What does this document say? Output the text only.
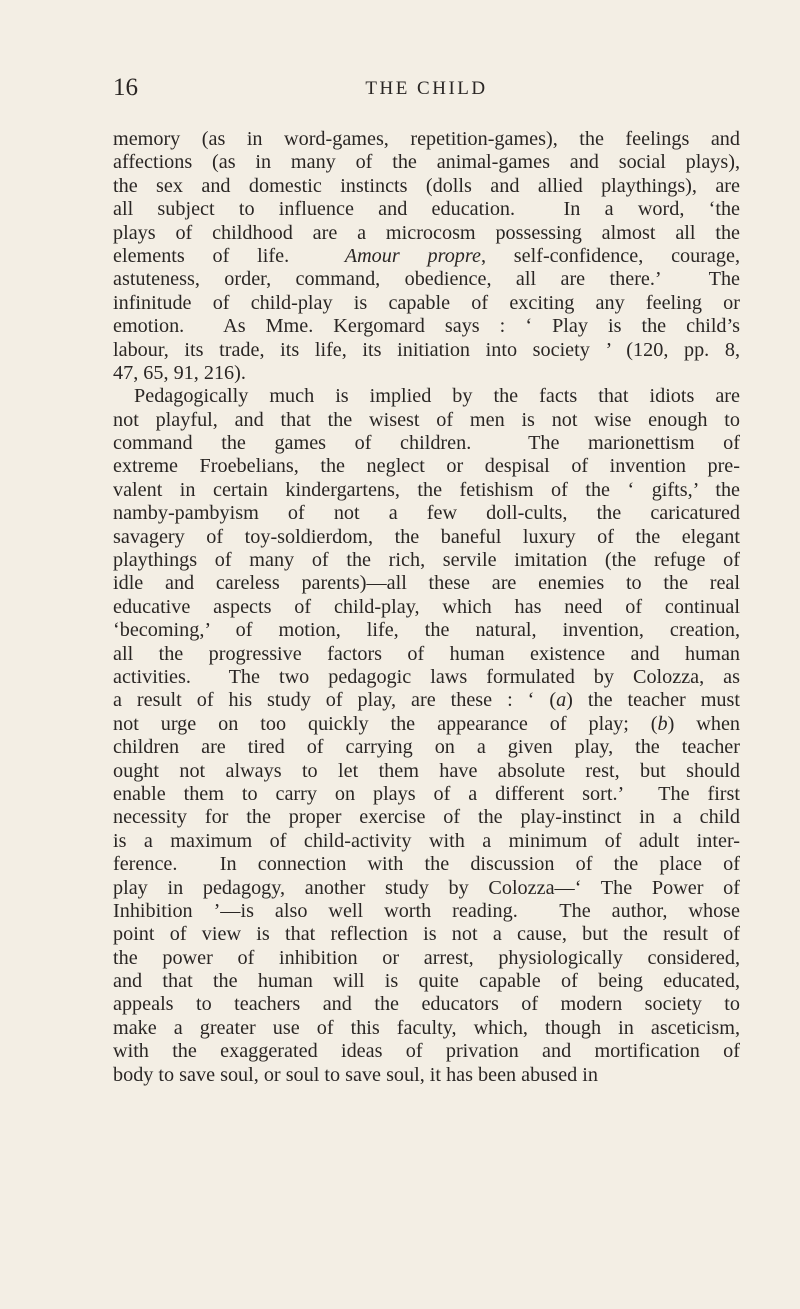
16	THE CHILD
memory (as in word-games, repetition-games), the feelings and
affections (as in many of the animal-games and social plays),
the sex and domestic instincts (dolls and allied playthings), are
all subject to influence and education.  In a word, ‘the
plays of childhood are a microcosm possessing almost all the
elements of life.  Amour propre, self-confidence, courage,
astuteness, order, command, obedience, all are there.’  The
infinitude of child-play is capable of exciting any feeling or
emotion.  As Mme. Kergomard says : ‘ Play is the child’s
labour, its trade, its life, its initiation into society ’ (120, pp. 8,
47, 65, 91, 216).
Pedagogically much is implied by the facts that idiots are
not playful, and that the wisest of men is not wise enough to
command the games of children.  The marionettism of
extreme Froebelians, the neglect or despisal of invention pre-
valent in certain kindergartens, the fetishism of the ‘ gifts,’ the
namby-pambyism of not a few doll-cults, the caricatured
savagery of toy-soldierdom, the baneful luxury of the elegant
playthings of many of the rich, servile imitation (the refuge of
idle and careless parents)—all these are enemies to the real
educative aspects of child-play, which has need of continual
‘becoming,’ of motion, life, the natural, invention, creation,
all the progressive factors of human existence and human
activities.  The two pedagogic laws formulated by Colozza, as
a result of his study of play, are these : ‘ (a) the teacher must
not urge on too quickly the appearance of play; (b) when
children are tired of carrying on a given play, the teacher
ought not always to let them have absolute rest, but should
enable them to carry on plays of a different sort.’  The first
necessity for the proper exercise of the play-instinct in a child
is a maximum of child-activity with a minimum of adult inter-
ference.  In connection with the discussion of the place of
play in pedagogy, another study by Colozza—‘ The Power of
Inhibition ’—is also well worth reading.  The author, whose
point of view is that reflection is not a cause, but the result of
the power of inhibition or arrest, physiologically considered,
and that the human will is quite capable of being educated,
appeals to teachers and the educators of modern society to
make a greater use of this faculty, which, though in asceticism,
with the exaggerated ideas of privation and mortification of
body to save soul, or soul to save soul, it has been abused in
